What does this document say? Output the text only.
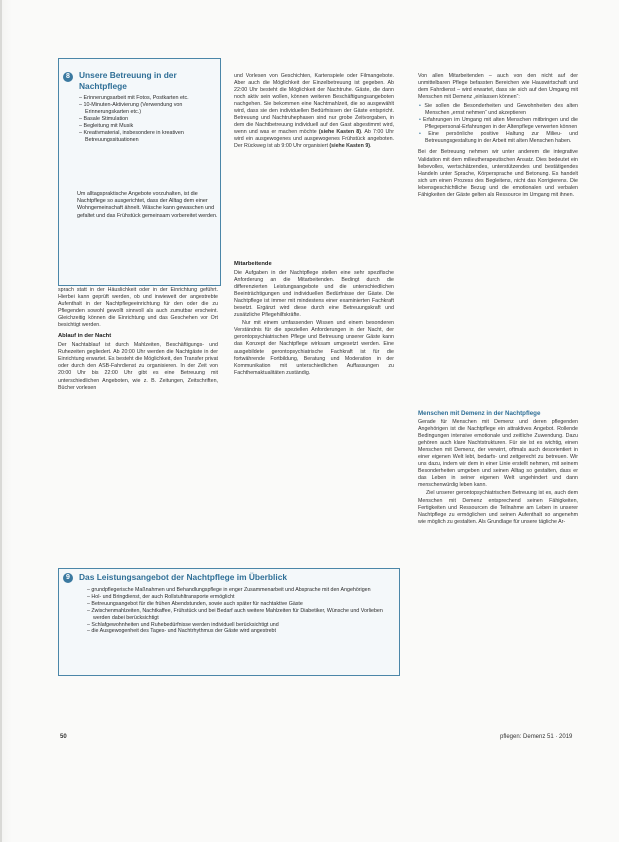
8	Unsere Betreuung in der Nachtpflege
– Erinnerungsarbeit mit Fotos, Postkarten etc.
– 10-Minuten-Aktivierung (Verwendung von Erinnerungskarten etc.)
– Basale Stimulation
– Begleitung mit Musik
– Kreativmaterial, insbesondere in kreativen Betreuungssituationen

Um alltagspraktische Angebote vorzuhalten, ist die Nachtpflege so ausgerichtet, dass der Alltag dem einer Wohngemeinschaft ähnelt. Wäsche kann gewaschen und gefaltet und das Frühstück gemeinsam vorbereitet werden.

sprach statt in der Häuslichkeit oder in der Einrichtung geführt. Hierbei kann geprüft werden, ob und inwieweit der angestrebte Aufenthalt in der Nachtpflegeeinrichtung für den oder die zu Pflegenden sowohl gewollt sinnvoll als auch zumutbar erscheint. Gleichzeitig können die Einrichtung und das Geschehen vor Ort besichtigt werden.

Ablauf in der Nacht

Der Nachtablauf ist durch Mahlzeiten, Beschäftigungs- und Ruhezeiten gegliedert. Ab 20:00 Uhr werden die Nachtgäste in der Einrichtung erwartet. Es besteht die Möglichkeit, den Transfer privat oder durch den ASB-Fahrdienst zu organisieren. In der Zeit von 20:00 Uhr bis 22:00 Uhr gibt es eine Betreuung mit unterschiedlichen Angeboten, wie z. B. Zeitungen, Zeitschriften, Bücher vorlesen

und Vorlesen von Geschichten, Kartenspiele oder Filmangebote. Aber auch die Möglichkeit der Einzelbetreuung ist gegeben. Ab 22:00 Uhr besteht die Möglichkeit der Nachtruhe. Gäste, die dann noch aktiv sein wollen, können weiteren Beschäftigungsangeboten nachgehen. Sie bekommen eine Nachtmahlzeit, die so ausgewählt wird, dass sie den individuellen Bedürfnissen der Gäste entspricht. Betreuung und Nachtruhephasen sind nur grobe Zeitvorgaben, in dem die Nachtbetreuung individuell auf den Gast abgestimmt wird, wenn und was er machen möchte (siehe Kasten 8). Ab 7:00 Uhr wird ein ausgewogenes und ausgewogenes Frühstück angeboten. Der Rückweg ist ab 9:00 Uhr organisiert (siehe Kasten 9).

Mitarbeitende

Die Aufgaben in der Nachtpflege stellen eine sehr spezifische Anforderung an die Mitarbeitenden. Bedingt durch die differenzierten Leistungsangebote und die unterschiedlichen Beeinträchtigungen und individuellen Bedürfnisse der Gäste. Die Nachtpflege ist immer mit mindestens einer examinierten Fachkraft besetzt. Ergänzt wird diese durch eine Betreuungskraft und zusätzliche Pflegehilfskräfte.

Nur mit einem umfassenden Wissen und einem besonderen Verständnis für die speziellen Anforderungen in der Nacht, der gerontopsychiatrischen Pflege und Betreuung unserer Gäste kann das Konzept der Nachtpflege wirksam umgesetzt werden. Eine ausgebildete gerontopsychiatrische Fachkraft ist für die fortwährende Fortbildung, Beratung und Moderation in der Kommunikation mit unterschiedlichen Auffassungen zu Fachthemaktualitäten zuständig.

Von allen Mitarbeitenden – auch von den nicht auf der unmittelbaren Pflege befassten Bereichen wie Hauswirtschaft und dem Fahrdienst – wird erwartet, dass sie sich auf den Umgang mit Menschen mit Demenz „einlassen können“:

• Sie sollen die Besonderheiten und Gewohnheiten des alten Menschen „ernst nehmen“ und akzeptieren
• Erfahrungen im Umgang mit alten Menschen mitbringen und die Pflegepersonal-Erfahrungen in der Altenpflege verwerten können
• Eine persönliche positive Haltung zur Milieu- und Betreuungsgestaltung in der Arbeit mit alten Menschen haben.

Bei der Betreuung nehmen wir unter anderem die integrative Validation mit dem milieutherapeutischen Ansatz. Dies bedeutet ein liebevolles, wertschätzendes, unterstützendes und bestätigendes Handeln unter Sprache, Körpersprache und Betonung. Es handelt sich um einen Prozess des Begleitens, nicht das Korrigierens. Die lebensgeschichtliche Bezug und die emotionalen und verbalen Fähigkeiten der Gäste gelten als Ressource im Umgang mit ihnen.

Menschen mit Demenz in der Nachtpflege

Gerade für Menschen mit Demenz und deren pflegenden Angehörigen ist die Nachtpflege ein attraktives Angebot. Rollende Bedingungen intensive emotionale und zeitliche Zuwendung. Dazu gehören auch klare Nachtstrukturen. Für sie ist es wichtig, einen Menschen mit Demenz, der verwirrt, oftmals auch desorientiert in einer eigenen Welt lebt, bedarfs- und zeitgerecht zu betreuen. Wir uns dazu, indem wir dem in einer Linie erstellt nehmen, mit seinem Besonderheiten umgeben und seinen Alltag so gestalten, dass er das Leben in seiner eigenen Welt ungehindert und dann menschenwürdig leben kann.

Ziel unserer gerontopsychiatrischen Betreuung ist es, auch dem Menschen mit Demenz entsprechend seinen Fähigkeiten, Fertigkeiten und Ressourcen die Teilnahme am Leben in unserer Nachtpflege zu ermöglichen und seinen Aufenthalt so angenehm wie möglich zu gestalten. Als Grundlage für unsere tägliche Ar-

9	Das Leistungsangebot der Nachtpflege im Überblick
– grundpflegerische Maßnahmen und Behandlungspflege in enger Zusammenarbeit und Absprache mit den Angehörigen
– Hol- und Bringdienst, der auch Rollstuhltransporte ermöglicht
– Betreuungsangebot für die frühen Abendstunden, sowie auch später für nachtaktive Gäste
– Zwischenmahlzeiten, Nachtkaffee, Frühstück und bei Bedarf auch weitere Mahlzeiten für Diabetiker, Wünsche und Vorlieben werden dabei berücksichtigt
– Schlafgewohnheiten und Ruhebedürfnisse werden individuell berücksichtigt und
– die Ausgewogenheit des Tages- und Nachtrhythmus der Gäste wird angestrebt
50	pflegen: Demenz 51 · 2019
